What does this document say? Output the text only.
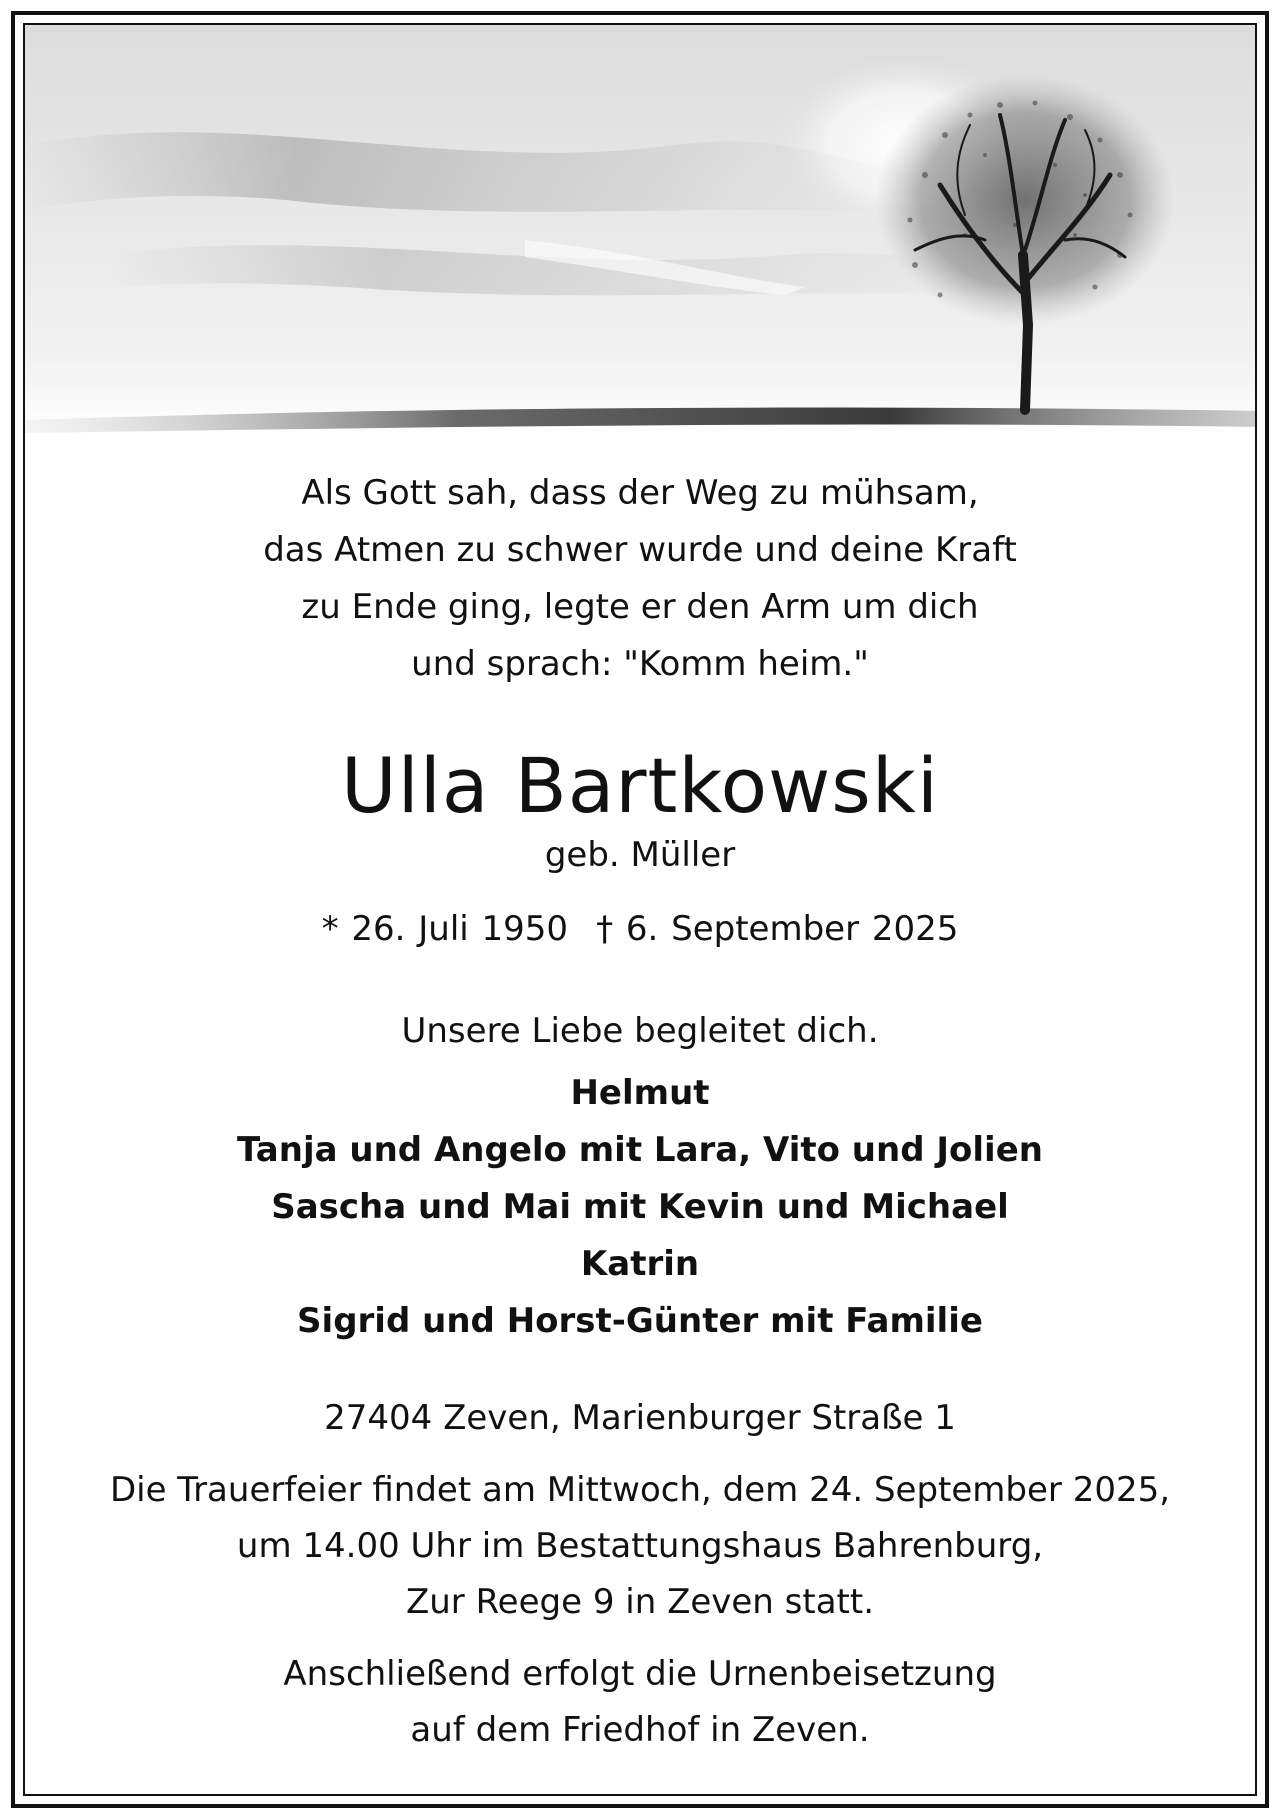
Als Gott sah, dass der Weg zu mühsam,
das Atmen zu schwer wurde und deine Kraft
zu Ende ging, legte er den Arm um dich
und sprach: "Komm heim."
Ulla Bartkowski
geb. Müller
* 26. Juli 1950 † 6. September 2025
Unsere Liebe begleitet dich.
Helmut
Tanja und Angelo mit Lara, Vito und Jolien
Sascha und Mai mit Kevin und Michael
Katrin
Sigrid und Horst-Günter mit Familie
27404 Zeven, Marienburger Straße 1
Die Trauerfeier findet am Mittwoch, dem 24. September 2025,
um 14.00 Uhr im Bestattungshaus Bahrenburg,
Zur Reege 9 in Zeven statt.
Anschließend erfolgt die Urnenbeisetzung
auf dem Friedhof in Zeven.
